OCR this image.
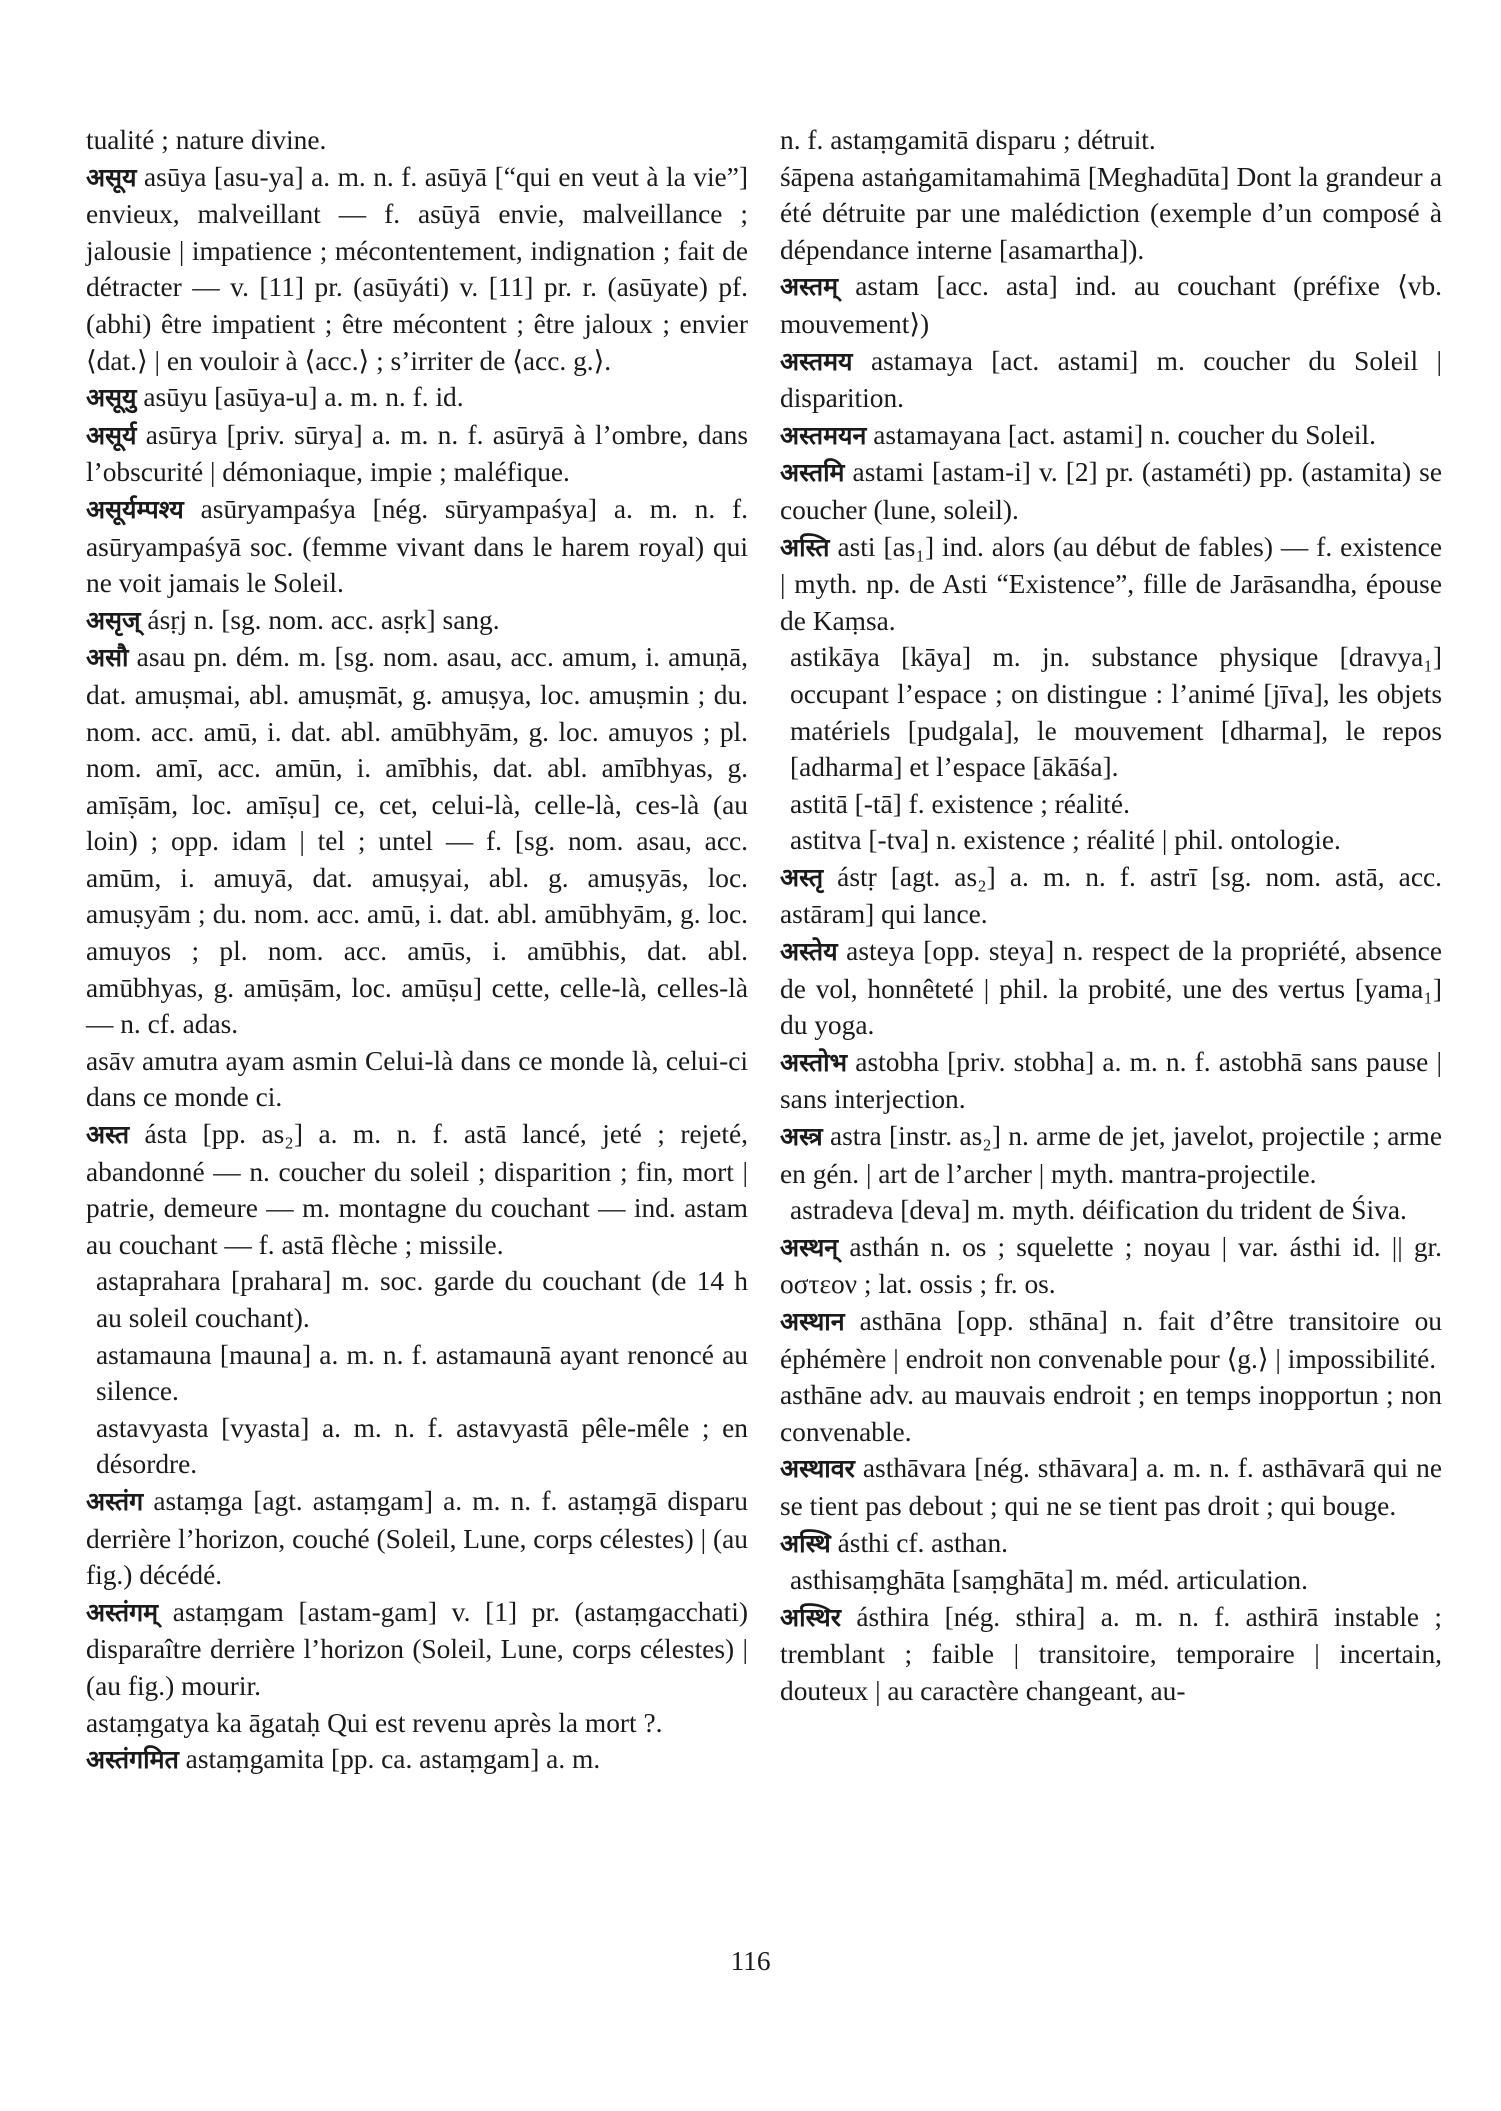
tualité ; nature divine.

असूय asūya [asu-ya] a. m. n. f. asūyā [“qui en veut à la vie”] envieux, malveillant — f. asūyā envie, malveillance ; jalousie | impatience ; mécontentement, indignation ; fait de détracter — v. [11] pr. (asūyáti) v. [11] pr. r. (asūyate) pf. (abhi) être impatient ; être mécontent ; être jaloux ; envier ⟨dat.⟩ | en vouloir à ⟨acc.⟩ ; s’irriter de ⟨acc. g.⟩.

असूयु asūyu [asūya-u] a. m. n. f. id.

असूर्य asūrya [priv. sūrya] a. m. n. f. asūryā à l’ombre, dans l’obscurité | démoniaque, impie ; maléfique.

असूर्यम्पश्य asūryampaśya [nég. sūryampaśya] a. m. n. f. asūryampaśyā soc. (femme vivant dans le harem royal) qui ne voit jamais le Soleil.

असृज् ásṛj n. [sg. nom. acc. asṛk] sang.

असौ asau pn. dém. m. [sg. nom. asau, acc. amum, i. amuṇā, dat. amuṣmai, abl. amuṣmāt, g. amuṣya, loc. amuṣmin ; du. nom. acc. amū, i. dat. abl. amūbhyām, g. loc. amuyos ; pl. nom. amī, acc. amūn, i. amībhis, dat. abl. amībhyas, g. amīṣām, loc. amīṣu] ce, cet, celui-là, celle-là, ces-là (au loin) ; opp. idam | tel ; untel — f. [sg. nom. asau, acc. amūm, i. amuyā, dat. amuṣyai, abl. g. amuṣyās, loc. amuṣyām ; du. nom. acc. amū, i. dat. abl. amūbhyām, g. loc. amuyos ; pl. nom. acc. amūs, i. amūbhis, dat. abl. amūbhyas, g. amūṣām, loc. amūṣu] cette, celle-là, celles-là — n. cf. adas.

asāv amutra ayam asmin Celui-là dans ce monde là, celui-ci dans ce monde ci.

अस्त ásta [pp. as₂] a. m. n. f. astā lancé, jeté ; rejeté, abandonné — n. coucher du soleil ; disparition ; fin, mort | patrie, demeure — m. montagne du couchant — ind. astam au couchant — f. astā flèche ; missile.

astaprahara [prahara] m. soc. garde du couchant (de 14 h au soleil couchant).

astamauna [mauna] a. m. n. f. astamaunā ayant renoncé au silence.

astavyasta [vyasta] a. m. n. f. astavyastā pêle-mêle ; en désordre.

अस्तंग astaṃga [agt. astaṃgam] a. m. n. f. astaṃgā disparu derrière l’horizon, couché (Soleil, Lune, corps célestes) | (au fig.) décédé.

अस्तंगम् astaṃgam [astam-gam] v. [1] pr. (astaṃgacchati) disparaître derrière l’horizon (Soleil, Lune, corps célestes) | (au fig.) mourir.

astaṃgatya ka āgataḥ Qui est revenu après la mort ?.

अस्तंगमित astaṃgamita [pp. ca. astaṃgam] a. m.

n. f. astaṃgamitā disparu ; détruit.

śāpena astaṅgamitamahimā [Meghadūta] Dont la grandeur a été détruite par une malédiction (exemple d’un composé à dépendance interne [asamartha]).

अस्तम् astam [acc. asta] ind. au couchant (préfixe ⟨vb. mouvement⟩)

अस्तमय astamaya [act. astami] m. coucher du Soleil | disparition.

अस्तमयन astamayana [act. astami] n. coucher du Soleil.

अस्तमि astami [astam-i] v. [2] pr. (astaméti) pp. (astamita) se coucher (lune, soleil).

अस्ति asti [as₁] ind. alors (au début de fables) — f. existence | myth. np. de Asti “Existence”, fille de Jarāsandha, épouse de Kaṃsa.

astikāya [kāya] m. jn. substance physique [dravya₁] occupant l’espace ; on distingue : l’animé [jīva], les objets matériels [pudgala], le mouvement [dharma], le repos [adharma] et l’espace [ākāśa].

astitā [-tā] f. existence ; réalité.

astitva [-tva] n. existence ; réalité | phil. ontologie.

अस्तृ ástṛ [agt. as₂] a. m. n. f. astrī [sg. nom. astā, acc. astāram] qui lance.

अस्तेय asteya [opp. steya] n. respect de la propriété, absence de vol, honnêteté | phil. la probité, une des vertus [yama₁] du yoga.

अस्तोभ astobha [priv. stobha] a. m. n. f. astobhā sans pause | sans interjection.

अस्त्र astra [instr. as₂] n. arme de jet, javelot, projectile ; arme en gén. | art de l’archer | myth. mantra-projectile.

astradeva [deva] m. myth. déification du trident de Śiva.

अस्थन् asthán n. os ; squelette ; noyau | var. ásthi id. || gr. οστεον ; lat. ossis ; fr. os.

अस्थान asthāna [opp. sthāna] n. fait d’être transitoire ou éphémère | endroit non convenable pour ⟨g.⟩ | impossibilité.

asthāne adv. au mauvais endroit ; en temps inopportun ; non convenable.

अस्थावर asthāvara [nég. sthāvara] a. m. n. f. asthāvarā qui ne se tient pas debout ; qui ne se tient pas droit ; qui bouge.

अस्थि ásthi cf. asthan.

asthisaṃghāta [saṃghāta] m. méd. articulation.

अस्थिर ásthira [nég. sthira] a. m. n. f. asthirā instable ; tremblant ; faible | transitoire, temporaire | incertain, douteux | au caractère changeant, au-

116
